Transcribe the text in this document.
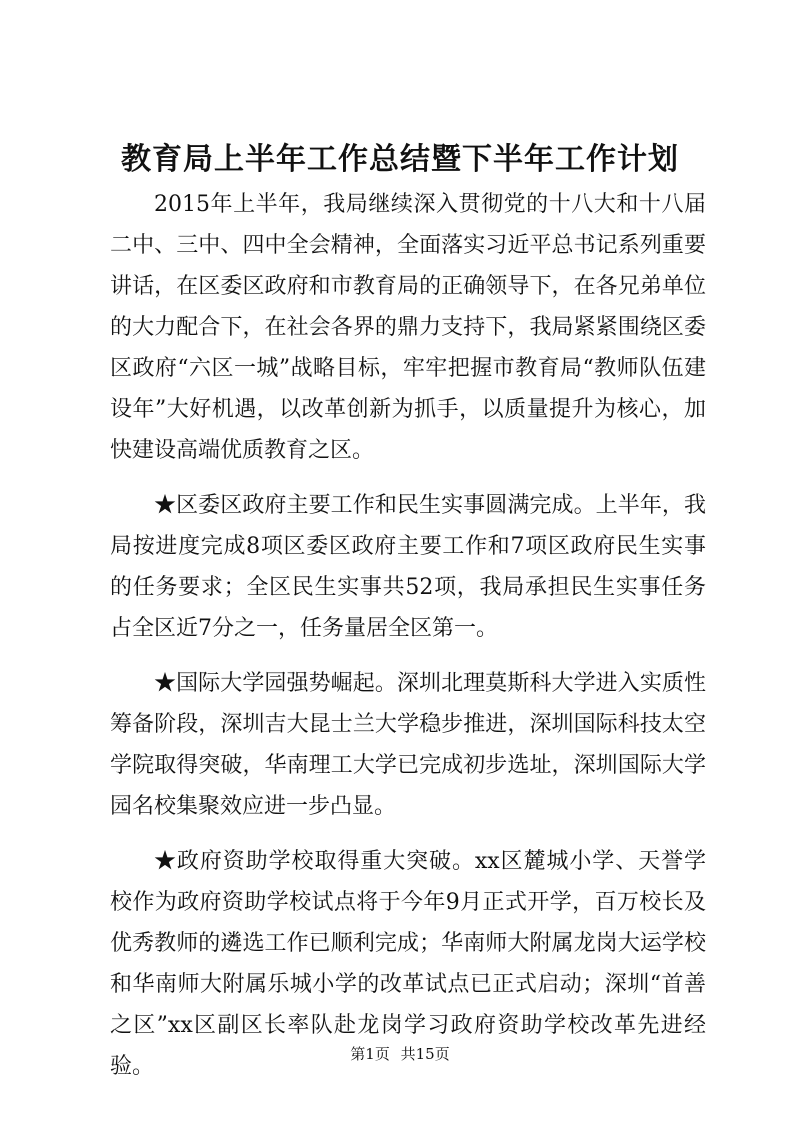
教育局上半年工作总结暨下半年工作计划

2015年上半年，我局继续深入贯彻党的十八大和十八届二中、三中、四中全会精神，全面落实习近平总书记系列重要讲话，在区委区政府和市教育局的正确领导下，在各兄弟单位的大力配合下，在社会各界的鼎力支持下，我局紧紧围绕区委区政府“六区一城”战略目标，牢牢把握市教育局“教师队伍建设年”大好机遇，以改革创新为抓手，以质量提升为核心，加快建设高端优质教育之区。

★区委区政府主要工作和民生实事圆满完成。上半年，我局按进度完成8项区委区政府主要工作和7项区政府民生实事的任务要求；全区民生实事共52项，我局承担民生实事任务占全区近7分之一，任务量居全区第一。

★国际大学园强势崛起。深圳北理莫斯科大学进入实质性筹备阶段，深圳吉大昆士兰大学稳步推进，深圳国际科技太空学院取得突破，华南理工大学已完成初步选址，深圳国际大学园名校集聚效应进一步凸显。

★政府资助学校取得重大突破。xx区麓城小学、天誉学校作为政府资助学校试点将于今年9月正式开学，百万校长及优秀教师的遴选工作已顺利完成；华南师大附属龙岗大运学校和华南师大附属乐城小学的改革试点已正式启动；深圳“首善之区”xx区副区长率队赴龙岗学习政府资助学校改革先进经验。	第1页 共15页
